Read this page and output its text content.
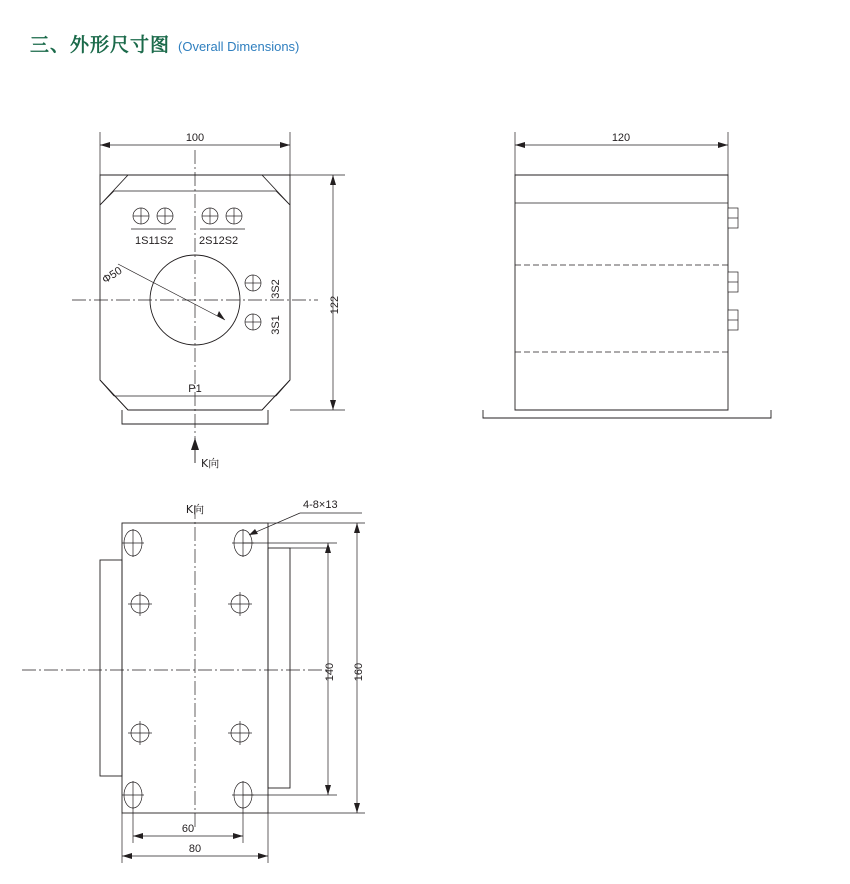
三、外形尺寸图 (Overall Dimensions)
100
122
1S11S2 2S12S2
Φ50
3S2
3S1
P1
K向
120
4-8×13
K向
140 160
60
80
